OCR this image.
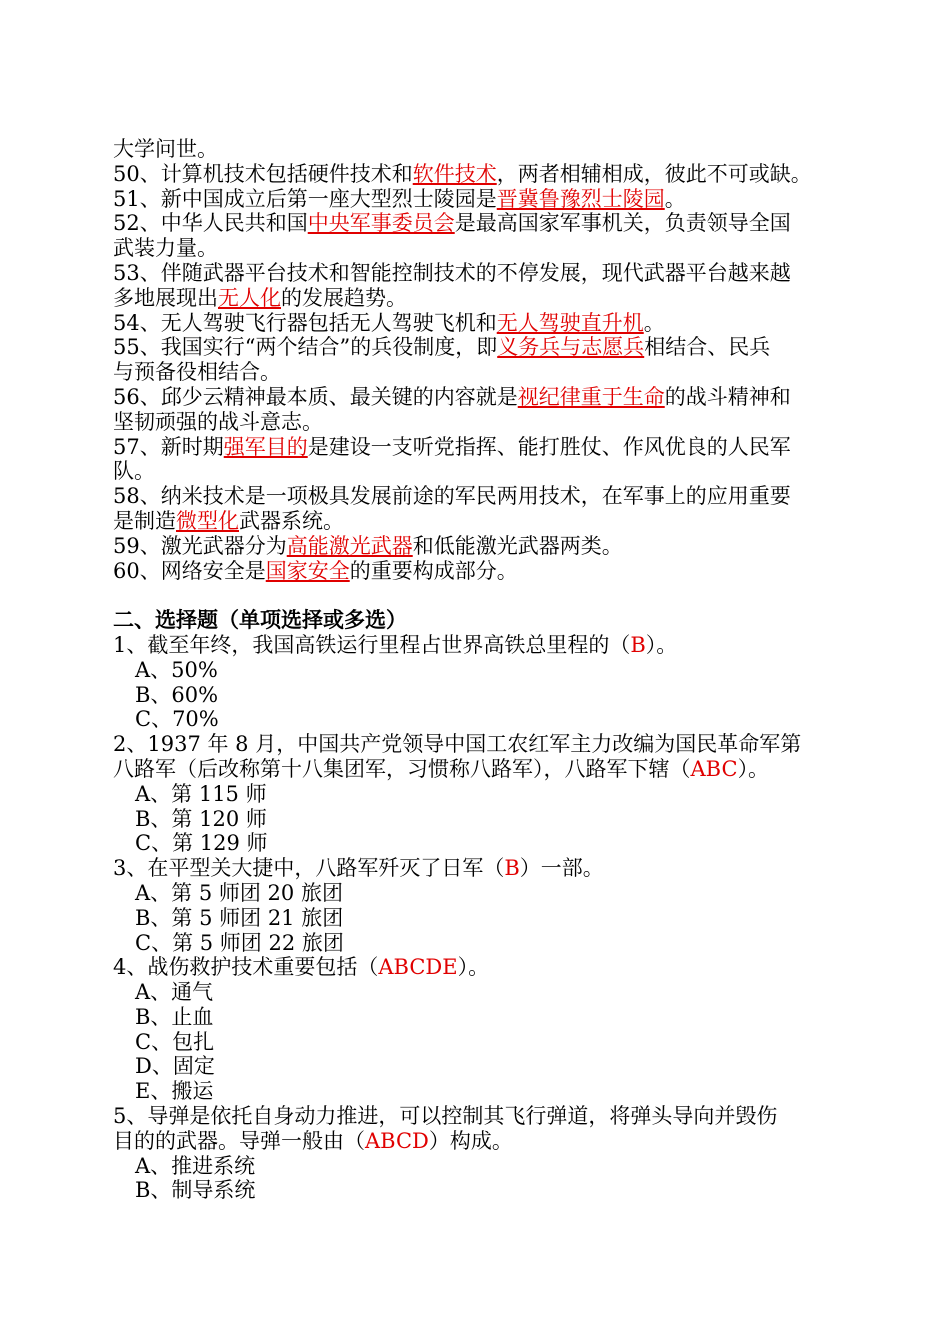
大学问世。
50、计算机技术包括硬件技术和软件技术，两者相辅相成，彼此不可或缺。
51、新中国成立后第一座大型烈士陵园是晋冀鲁豫烈士陵园。
52、中华人民共和国中央军事委员会是最高国家军事机关，负责领导全国
武装力量。
53、伴随武器平台技术和智能控制技术的不停发展，现代武器平台越来越
多地展现出无人化的发展趋势。
54、无人驾驶飞行器包括无人驾驶飞机和无人驾驶直升机。
55、我国实行“两个结合”的兵役制度，即义务兵与志愿兵相结合、民兵
与预备役相结合。
56、邱少云精神最本质、最关键的内容就是视纪律重于生命的战斗精神和
坚韧顽强的战斗意志。
57、新时期强军目的是建设一支听党指挥、能打胜仗、作风优良的人民军
队。
58、纳米技术是一项极具发展前途的军民两用技术，在军事上的应用重要
是制造微型化武器系统。
59、激光武器分为高能激光武器和低能激光武器两类。
60、网络安全是国家安全的重要构成部分。
二、选择题（单项选择或多选）
1、截至年终，我国高铁运行里程占世界高铁总里程的（B）。
A、50%
B、60%
C、70%
2、1937 年 8 月，中国共产党领导中国工农红军主力改编为国民革命军第
八路军（后改称第十八集团军，习惯称八路军），八路军下辖（ABC）。
A、第 115 师
B、第 120 师
C、第 129 师
3、在平型关大捷中，八路军歼灭了日军（B）一部。
A、第 5 师团 20 旅团
B、第 5 师团 21 旅团
C、第 5 师团 22 旅团
4、战伤救护技术重要包括（ABCDE）。
A、通气
B、止血
C、包扎
D、固定
E、搬运
5、导弹是依托自身动力推进，可以控制其飞行弹道，将弹头导向并毁伤
目的的武器。导弹一般由（ABCD）构成。
A、推进系统
B、制导系统
